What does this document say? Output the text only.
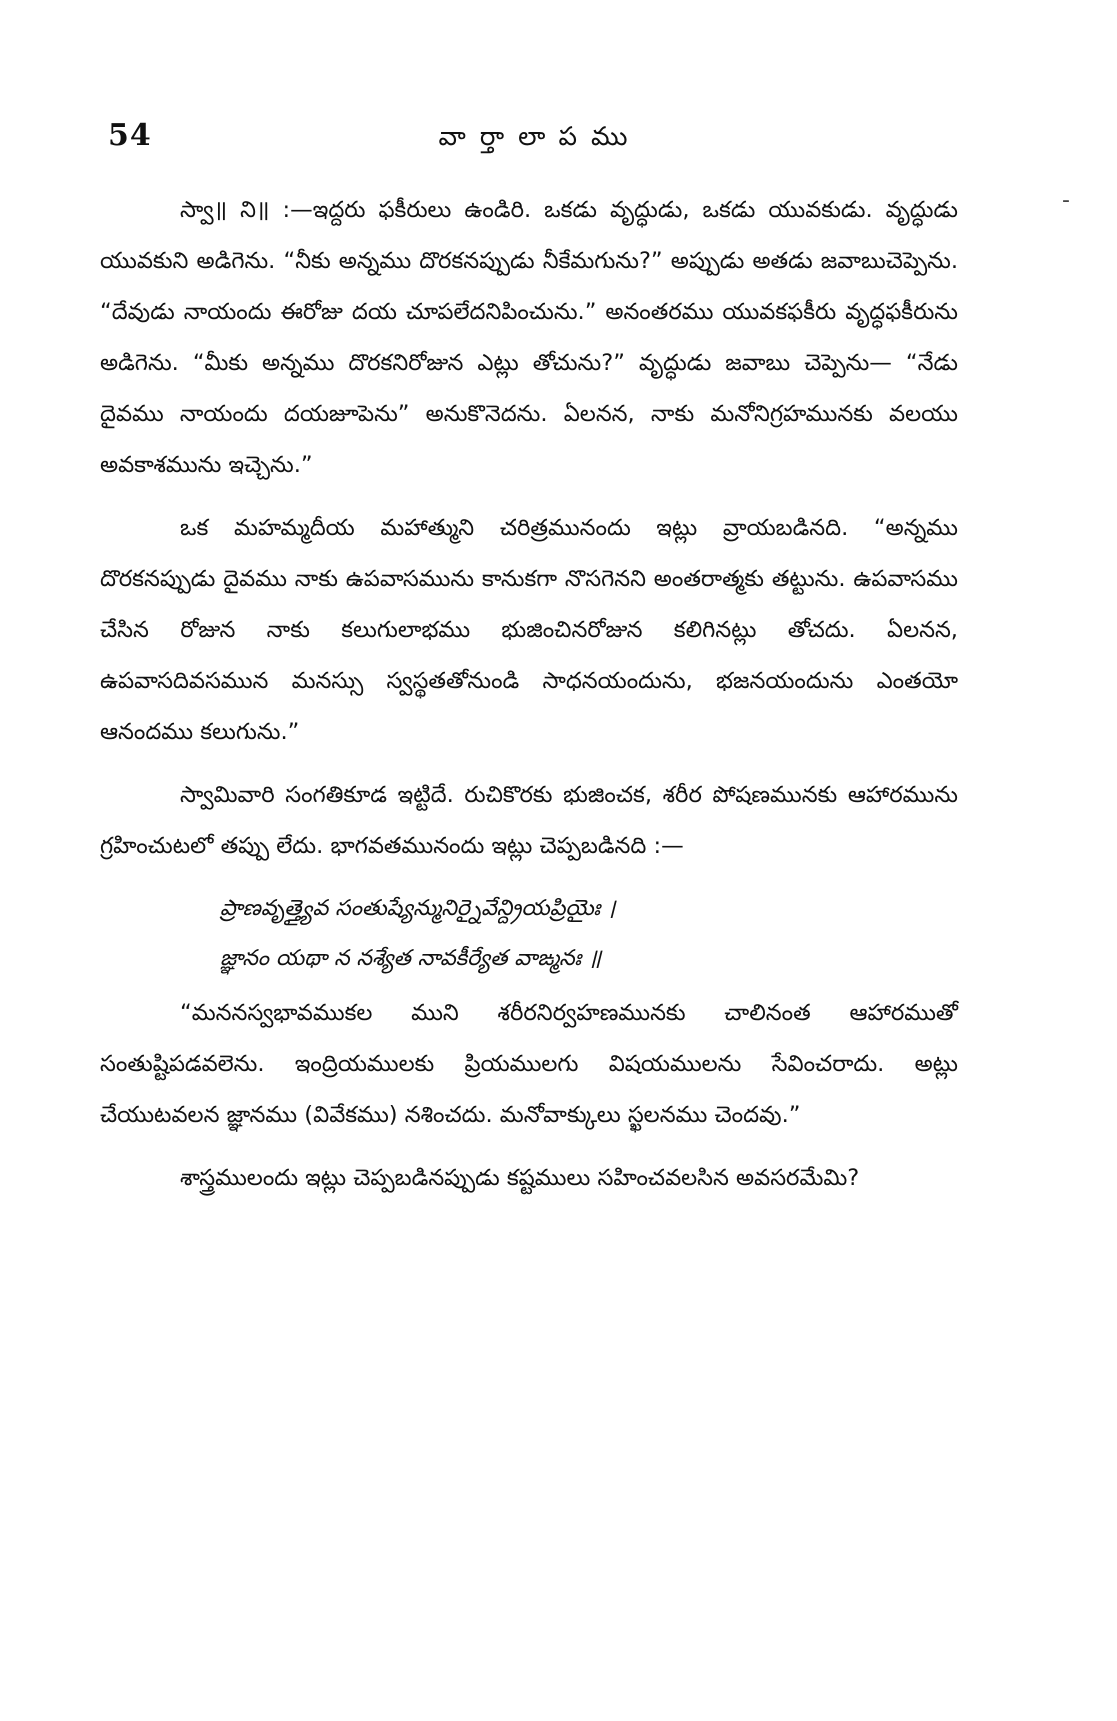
54	వార్తాలాపము
-

స్వా॥ ని॥ :—ఇద్దరు ఫకీరులు ఉండిరి. ఒకడు వృద్ధుడు, ఒకడు యువకుడు. వృద్ధుడు యువకుని అడిగెను. “నీకు అన్నము దొరకనప్పుడు నీకేమగును?” అప్పుడు అతడు జవాబుచెప్పెను. “దేవుడు నాయందు ఈరోజు దయ చూపలేదనిపించును.” అనంతరము యువకఫకీరు వృద్ధఫకీరును అడిగెను. “మీకు అన్నము దొరకనిరోజున ఎట్లు తోచును?” వృద్ధుడు జవాబు చెప్పెను— “నేడు దైవము నాయందు దయజూపెను” అనుకొనెదను. ఏలనన, నాకు మనోనిగ్రహమునకు వలయు అవకాశమును ఇచ్చెను.”

ఒక మహమ్మదీయ మహాత్ముని చరిత్రమునందు ఇట్లు వ్రాయబడినది. “అన్నము దొరకనప్పుడు దైవము నాకు ఉపవాసమును కానుకగా నొసగెనని అంతరాత్మకు తట్టును. ఉపవాసము చేసిన రోజున నాకు కలుగులాభము భుజించినరోజున కలిగినట్లు తోచదు. ఏలనన, ఉపవాసదివసమున మనస్సు స్వస్థతతోనుండి సాధనయందును, భజనయందును ఎంతయో ఆనందము కలుగును.”

స్వామివారి సంగతికూడ ఇట్టిదే. రుచికొరకు భుజించక, శరీర పోషణమునకు ఆహారమును గ్రహించుటలో తప్పు లేదు. భాగవతమునందు ఇట్లు చెప్పబడినది :—

ప్రాణవృత్త్యైవ సంతుష్యేన్మునిర్నైవేన్ద్రియప్రియైః ।
జ్ఞానం యథా న నశ్యేత నావకీర్యేత వాఙ్మనః ॥

“మననస్వభావముకల ముని శరీరనిర్వహణమునకు చాలినంత ఆహారముతో సంతుష్టిపడవలెను. ఇంద్రియములకు ప్రియములగు విషయములను సేవించరాదు. అట్లు చేయుటవలన జ్ఞానము (వివేకము) నశించదు. మనోవాక్కులు స్ఖలనము చెందవు.”

శాస్త్రములందు ఇట్లు చెప్పబడినప్పుడు కష్టములు సహించవలసిన అవసరమేమి?
